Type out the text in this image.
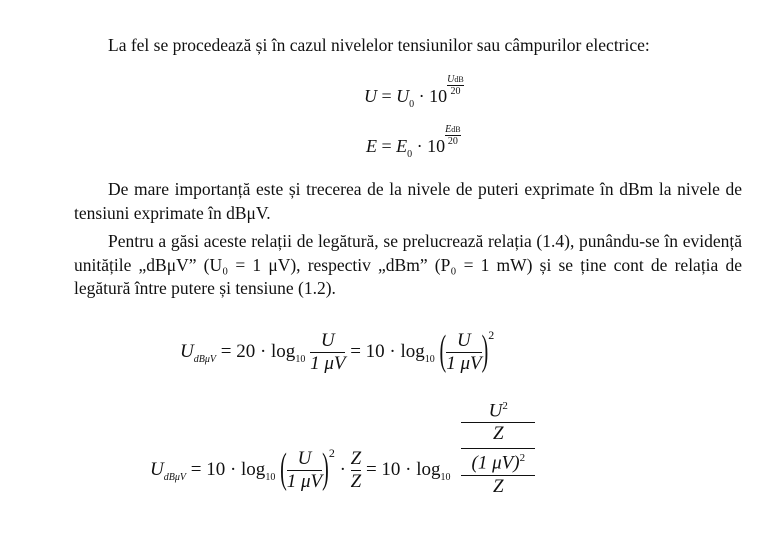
La fel se procedează și în cazul nivelelor tensiunilor sau câmpurilor electrice:

$U = U_0 \cdot 10UdB$
20
$E = E_0 \cdot 10EdB$
20

De mare importanță este și trecerea de la nivele de puteri exprimate în dBm la nivele de tensiuni exprimate în dBμV.

Pentru a găsi aceste relații de legătură, se prelucrează relația (1.4), punându-se în evidență unitățile „dBμV” (U₀ = 1 μV), respectiv „dBm” (P₀ = 1 mW) și se ține cont de relația de legătură între putere și tensiune (1.2).

$U_{dB\mu V} = 20 \cdot \log_{10} \frac{U}{1 \mu V} = 10 \cdot \log_{10}$ ( $\frac{U}{1 \mu V} )^2$
$U_{dB\mu V} = 10 \cdot \log_{10}$ ( $\frac{U}{1 \mu V} )^2 \cdot \frac{Z}{Z} = 10 \cdot \log_{10} U^2$
Z
(1 μV)$^2$
Z
